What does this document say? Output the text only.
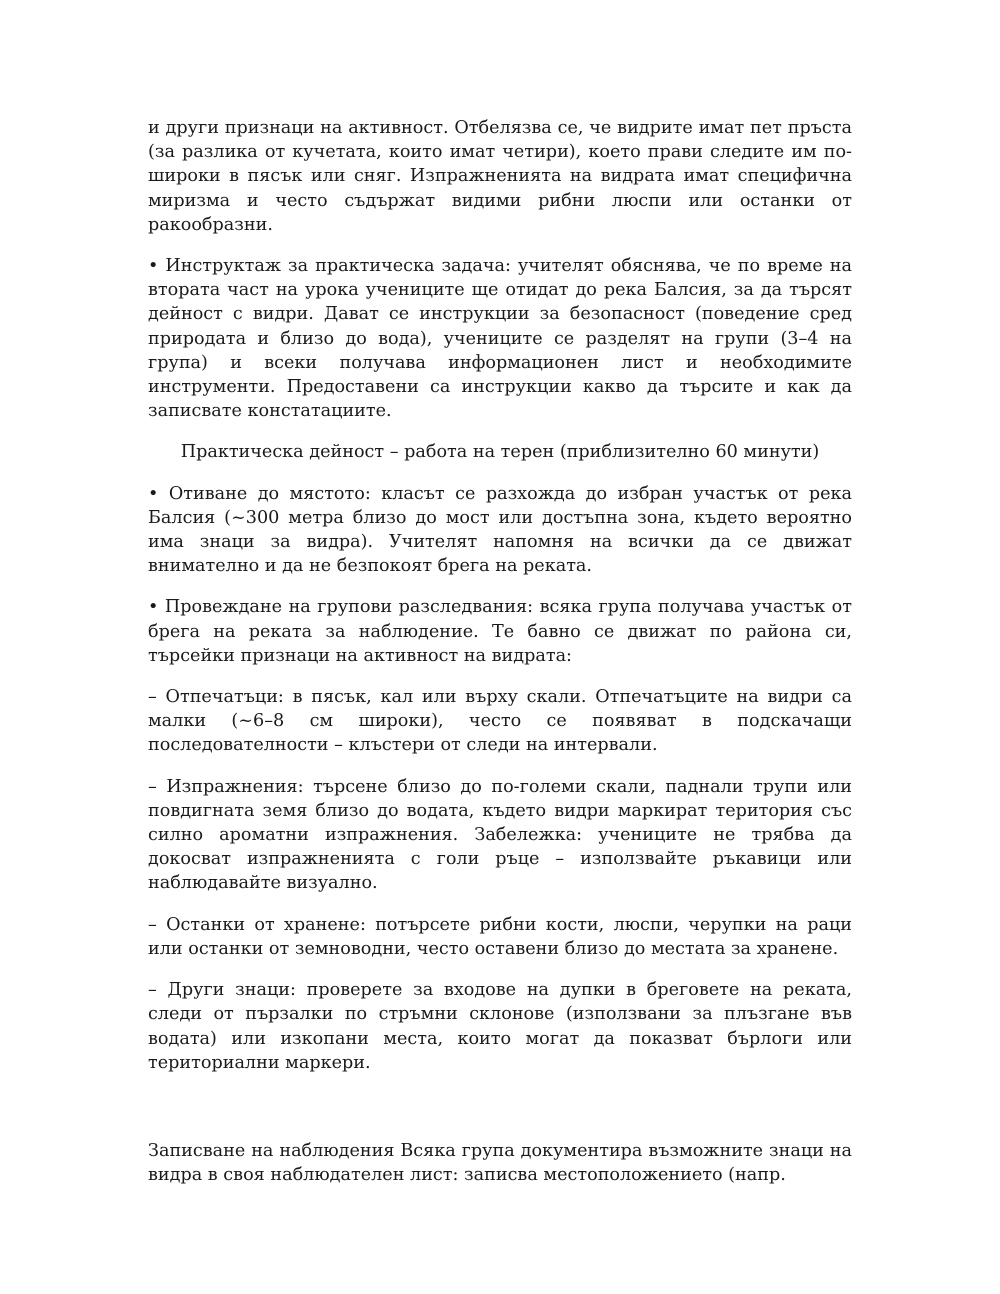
и други признаци на активност. Отбелязва се, че видрите имат пет пръста (за разлика от кучетата, които имат четири), което прави следите им по-широки в пясък или сняг. Изпражненията на видрата имат специфична миризма и често съдържат видими рибни люспи или останки от ракообразни.

• Инструктаж за практическа задача: учителят обяснява, че по време на втората част на урока учениците ще отидат до река Балсия, за да търсят дейност с видри. Дават се инструкции за безопасност (поведение сред природата и близо до вода), учениците се разделят на групи (3–4 на група) и всеки получава информационен лист и необходимите инструменти. Предоставени са инструкции какво да търсите и как да записвате констатациите.

Практическа дейност – работа на терен (приблизително 60 минути)

• Отиване до мястото: класът се разхожда до избран участък от река Балсия (~300 метра близо до мост или достъпна зона, където вероятно има знаци за видра). Учителят напомня на всички да се движат внимателно и да не безпокоят брега на реката.

• Провеждане на групови разследвания: всяка група получава участък от брега на реката за наблюдение. Те бавно се движат по района си, търсейки признаци на активност на видрата:

– Отпечатъци: в пясък, кал или върху скали. Отпечатъците на видри са малки (~6–8 см широки), често се появяват в подскачащи последователности – клъстери от следи на интервали.

– Изпражнения: търсене близо до по-големи скали, паднали трупи или повдигната земя близо до водата, където видри маркират територия със силно ароматни изпражнения. Забележка: учениците не трябва да докосват изпражненията с голи ръце – използвайте ръкавици или наблюдавайте визуално.

– Останки от хранене: потърсете рибни кости, люспи, черупки на раци или останки от земноводни, често оставени близо до местата за хранене.

– Други знаци: проверете за входове на дупки в бреговете на реката, следи от пързалки по стръмни склонове (използвани за плъзгане във водата) или изкопани места, които могат да показват бърлоги или териториални маркери.

Записване на наблюдения Всяка група документира възможните знаци на видра в своя наблюдателен лист: записва местоположението (напр.
